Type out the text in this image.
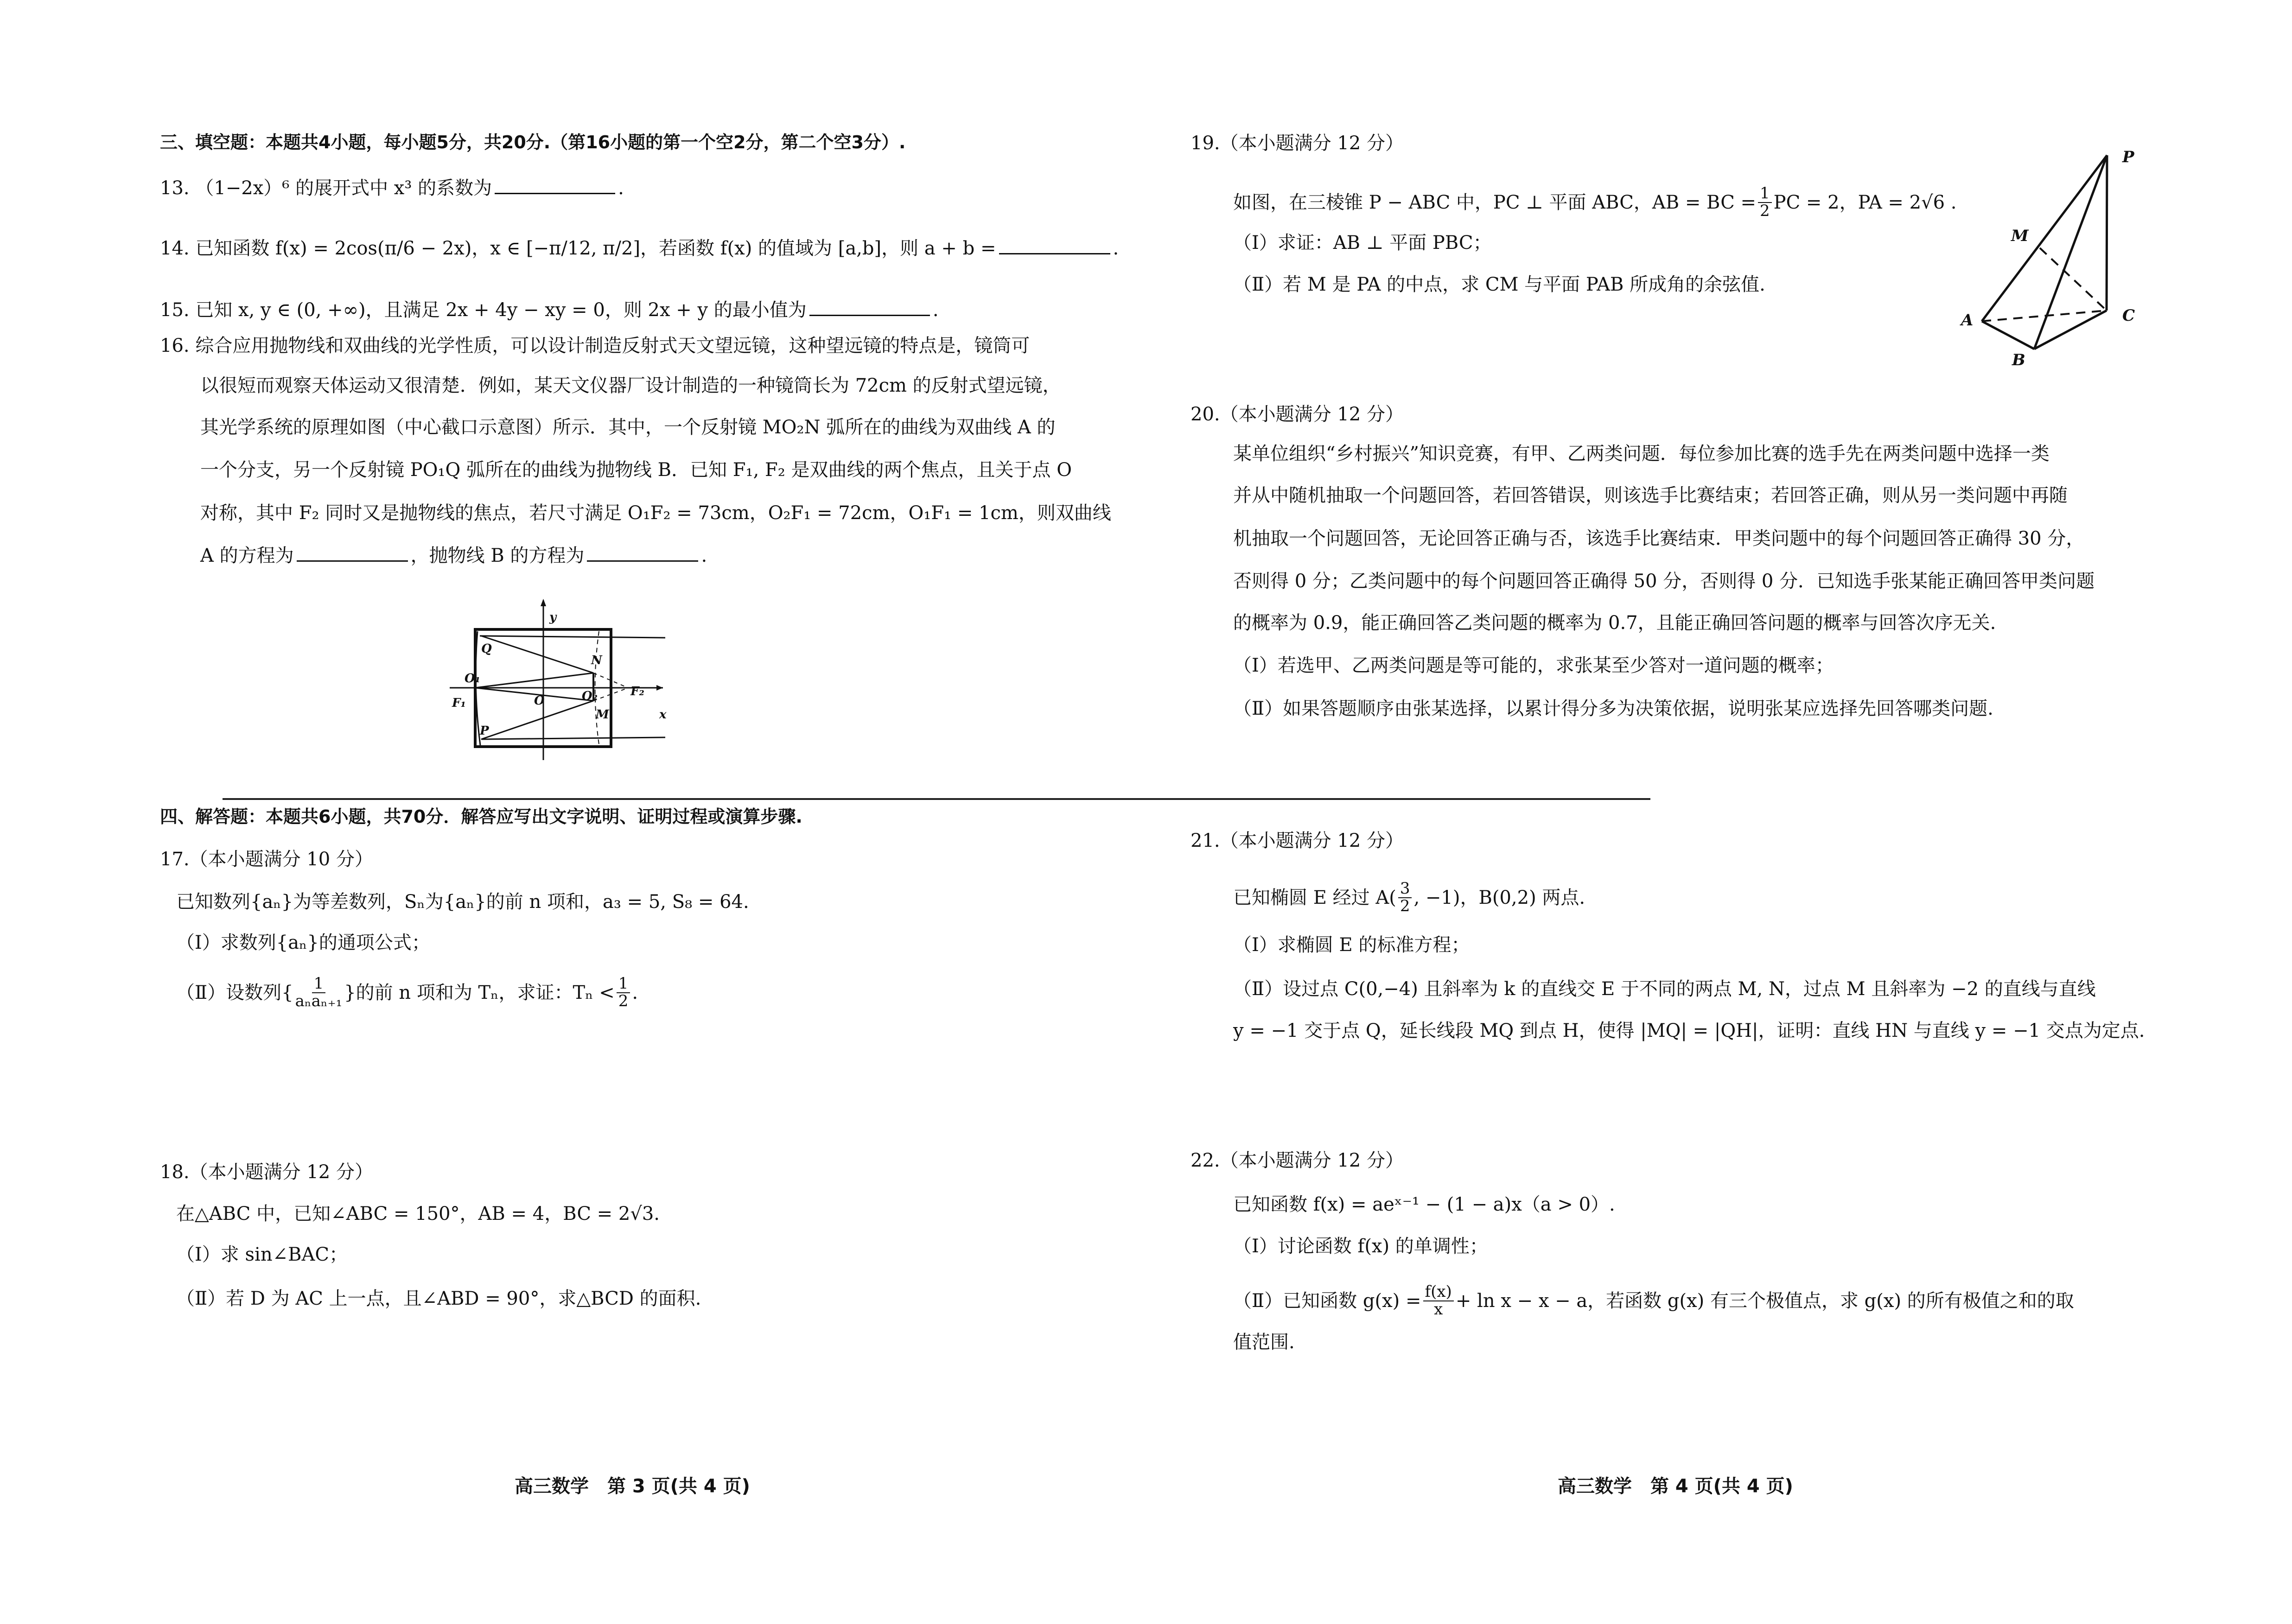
三、填空题：本题共4小题，每小题5分，共20分.（第16小题的第一个空2分，第二个空3分）.
13. （1−2x）⁶ 的展开式中 x³ 的系数为	.
14. 已知函数 f(x) = 2cos(π/6 − 2x)，x ∈ [−π/12, π/2]，若函数 f(x) 的值域为 [a,b]，则 a + b =	.
15. 已知 x, y ∈ (0, +∞)，且满足 2x + 4y − xy = 0，则 2x + y 的最小值为	.
16. 综合应用抛物线和双曲线的光学性质，可以设计制造反射式天文望远镜，这种望远镜的特点是，镜筒可
以很短而观察天体运动又很清楚．例如，某天文仪器厂设计制造的一种镜筒长为 72cm 的反射式望远镜，
其光学系统的原理如图（中心截口示意图）所示．其中，一个反射镜 MO₂N 弧所在的曲线为双曲线 A 的
一个分支，另一个反射镜 PO₁Q 弧所在的曲线为抛物线 B．已知 F₁, F₂ 是双曲线的两个焦点，且关于点 O
对称，其中 F₂ 同时又是抛物线的焦点，若尺寸满足 O₁F₂ = 73cm，O₂F₁ = 72cm，O₁F₁ = 1cm，则双曲线
A 的方程为	，抛物线 B 的方程为	.
y
x
Q
P
N
M
O
O₁
O₂
F₁
F₂
四、解答题：本题共6小题，共70分．解答应写出文字说明、证明过程或演算步骤.
17.（本小题满分 10 分）
已知数列{aₙ}为等差数列，Sₙ为{aₙ}的前 n 项和，a₃ = 5, S₈ = 64.
（Ⅰ）求数列{aₙ}的通项公式；
（Ⅱ）设数列{ $\frac{1}{\text{aₙaₙ₊₁}}$ }的前 n 项和为 Tₙ，求证：$T_n < \frac{1}{2}$ .
18.（本小题满分 12 分）
在△ABC 中，已知∠ABC = 150°，AB = 4，BC = 2√3.
（Ⅰ）求 sin∠BAC；
（Ⅱ）若 D 为 AC 上一点，且∠ABD = 90°，求△BCD 的面积.
高三数学　第 3 页(共 4 页)
19.（本小题满分 12 分）
如图，在三棱锥 P − ABC 中，PC ⊥ 平面 ABC，AB = BC = $\frac{1}{2}$ PC = 2，PA = 2√6 .
（Ⅰ）求证：AB ⊥ 平面 PBC；
（Ⅱ）若 M 是 PA 的中点，求 CM 与平面 PAB 所成角的余弦值.
P
M
A
B
C
20.（本小题满分 12 分）
某单位组织“乡村振兴”知识竞赛，有甲、乙两类问题．每位参加比赛的选手先在两类问题中选择一类
并从中随机抽取一个问题回答，若回答错误，则该选手比赛结束；若回答正确，则从另一类问题中再随
机抽取一个问题回答，无论回答正确与否，该选手比赛结束．甲类问题中的每个问题回答正确得 30 分，
否则得 0 分；乙类问题中的每个问题回答正确得 50 分，否则得 0 分．已知选手张某能正确回答甲类问题
的概率为 0.9，能正确回答乙类问题的概率为 0.7，且能正确回答问题的概率与回答次序无关.
（Ⅰ）若选甲、乙两类问题是等可能的，求张某至少答对一道问题的概率；
（Ⅱ）如果答题顺序由张某选择，以累计得分多为决策依据，说明张某应选择先回答哪类问题.
21.（本小题满分 12 分）
已知椭圆 E 经过 $A( \frac{3}{2}$ , −1)，B(0,2) 两点.
（Ⅰ）求椭圆 E 的标准方程；
（Ⅱ）设过点 C(0,−4) 且斜率为 k 的直线交 E 于不同的两点 M, N，过点 M 且斜率为 −2 的直线与直线
y = −1 交于点 Q，延长线段 MQ 到点 H，使得 |MQ| = |QH|，证明：直线 HN 与直线 y = −1 交点为定点.
22.（本小题满分 12 分）
已知函数 f(x) = aeˣ⁻¹ − (1 − a)x（a > 0）.
（Ⅰ）讨论函数 f(x) 的单调性；
（Ⅱ）已知函数 $g(x) = \frac{f(x)}{x} + \ln x - x - a$，若函数 g(x) 有三个极值点，求 g(x) 的所有极值之和的取
值范围.
高三数学　第 4 页(共 4 页)
